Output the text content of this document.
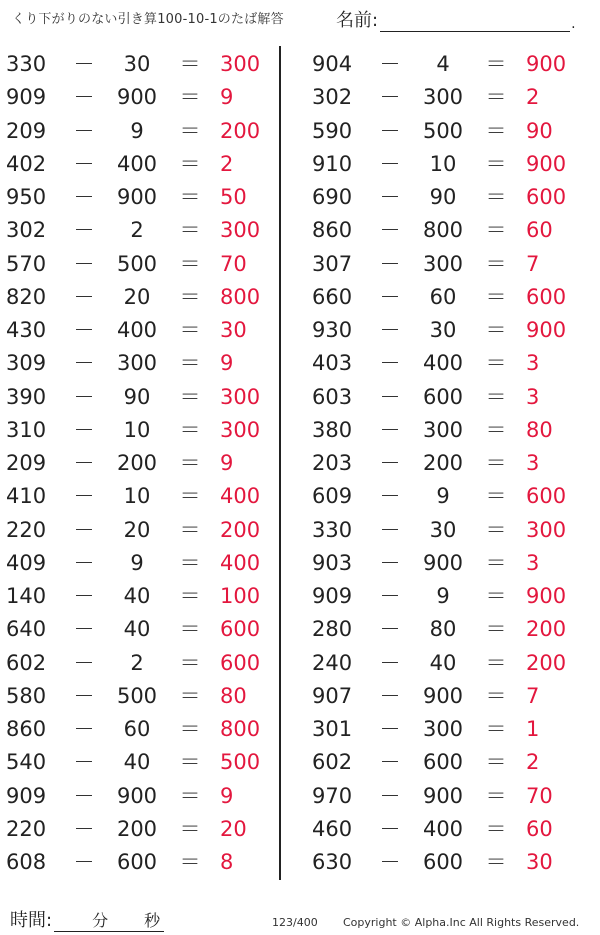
くり下がりのない引き算100-10-1のたば解答	名前:	.
330	－	30	＝ 300
909	－	900	＝ 9
209	－	9	＝ 200
402	－	400	＝ 2
950	－	900	＝ 50
302	－	2	＝ 300
570	－	500	＝ 70
820	－	20	＝ 800
430	－	400	＝ 30
309	－	300	＝ 9
390	－	90	＝ 300
310	－	10	＝ 300
209	－	200	＝ 9
410	－	10	＝ 400
220	－	20	＝ 200
409	－	9	＝ 400
140	－	40	＝ 100
640	－	40	＝ 600
602	－	2	＝ 600
580	－	500	＝ 80
860	－	60	＝ 800
540	－	40	＝ 500
909	－	900	＝ 9
220	－	200	＝ 20
608	－	600	＝ 8
904	－	4	＝ 900
302	－	300	＝ 2
590	－	500	＝ 90
910	－	10	＝ 900
690	－	90	＝ 600
860	－	800	＝ 60
307	－	300	＝ 7
660	－	60	＝ 600
930	－	30	＝ 900
403	－	400	＝ 3
603	－	600	＝ 3
380	－	300	＝ 80
203	－	200	＝ 3
609	－	9	＝ 600
330	－	30	＝ 300
903	－	900	＝ 3
909	－	9	＝ 900
280	－	80	＝ 200
240	－	40	＝ 200
907	－	900	＝ 7
301	－	300	＝ 1
602	－	600	＝ 2
970	－	900	＝ 70
460	－	400	＝ 60
630	－	600	＝ 30
時間:	分 秒	123/400 Copyright © Alpha.Inc All Rights Reserved.
